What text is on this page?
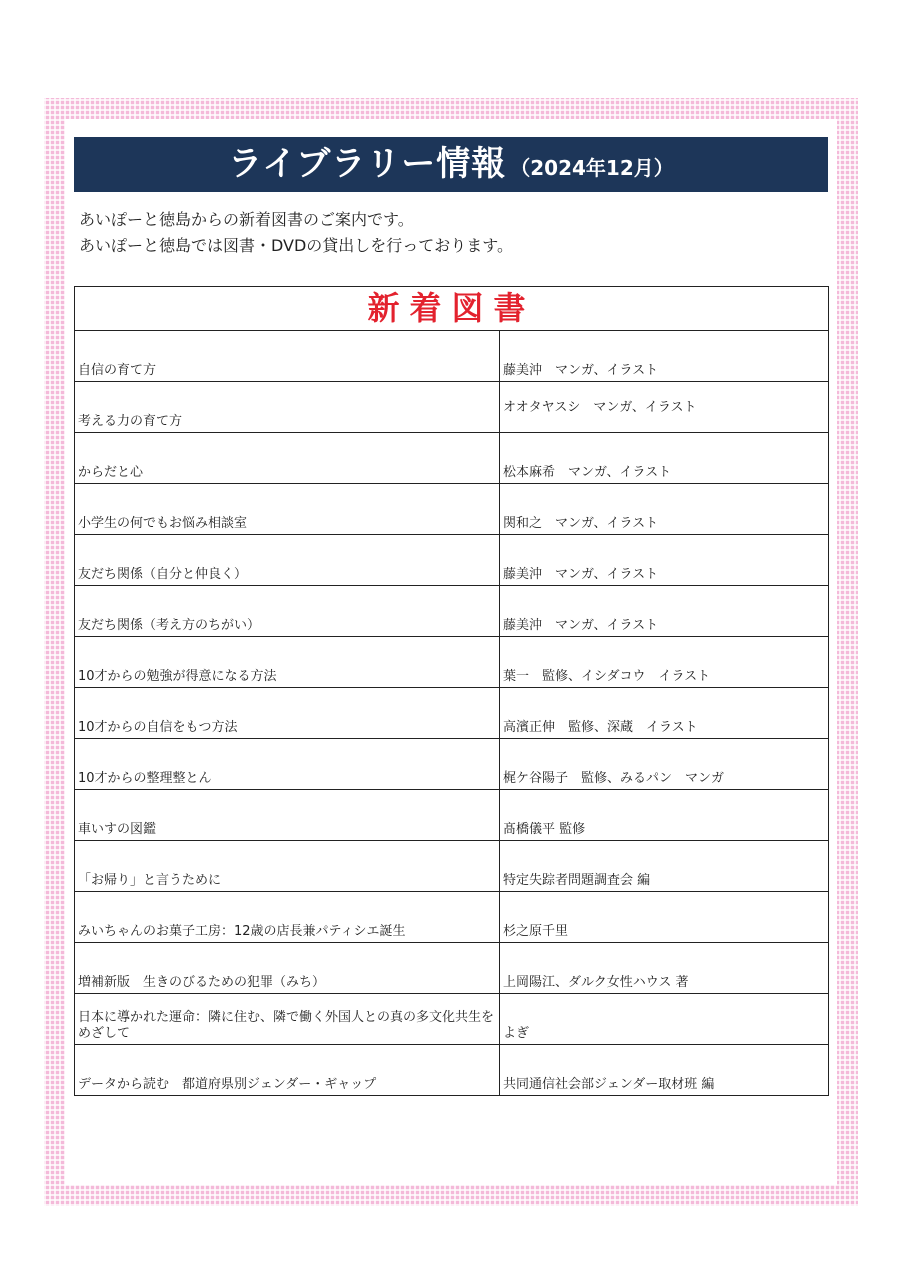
ライブラリー情報 （2024年12月）
あいぽーと徳島からの新着図書のご案内です。
あいぽーと徳島では図書・DVDの貸出しを行っております。
新着図書	
自信の育て方	藤美沖　マンガ、イラスト
考える力の育て方	オオタヤスシ　マンガ、イラスト
からだと心	松本麻希　マンガ、イラスト
小学生の何でもお悩み相談室	関和之　マンガ、イラスト
友だち関係（自分と仲良く）	藤美沖　マンガ、イラスト
友だち関係（考え方のちがい）	藤美沖　マンガ、イラスト
10才からの勉強が得意になる方法	葉一　監修、イシダコウ　イラスト
10才からの自信をもつ方法	高濱正伸　監修、深蔵　イラスト
10才からの整理整とん	梶ケ谷陽子　監修、みるパン　マンガ
車いすの図鑑	髙橋儀平 監修
「お帰り」と言うために	特定失踪者問題調査会 編
みいちゃんのお菓子工房：12歳の店長兼パティシエ誕生	杉之原千里
増補新版　生きのびるための犯罪（みち）	上岡陽江、ダルク女性ハウス 著
日本に導かれた運命：隣に住む、隣で働く外国人との真の多文化共生をめざして	よぎ
データから読む　都道府県別ジェンダー・ギャップ	共同通信社会部ジェンダー取材班 編
